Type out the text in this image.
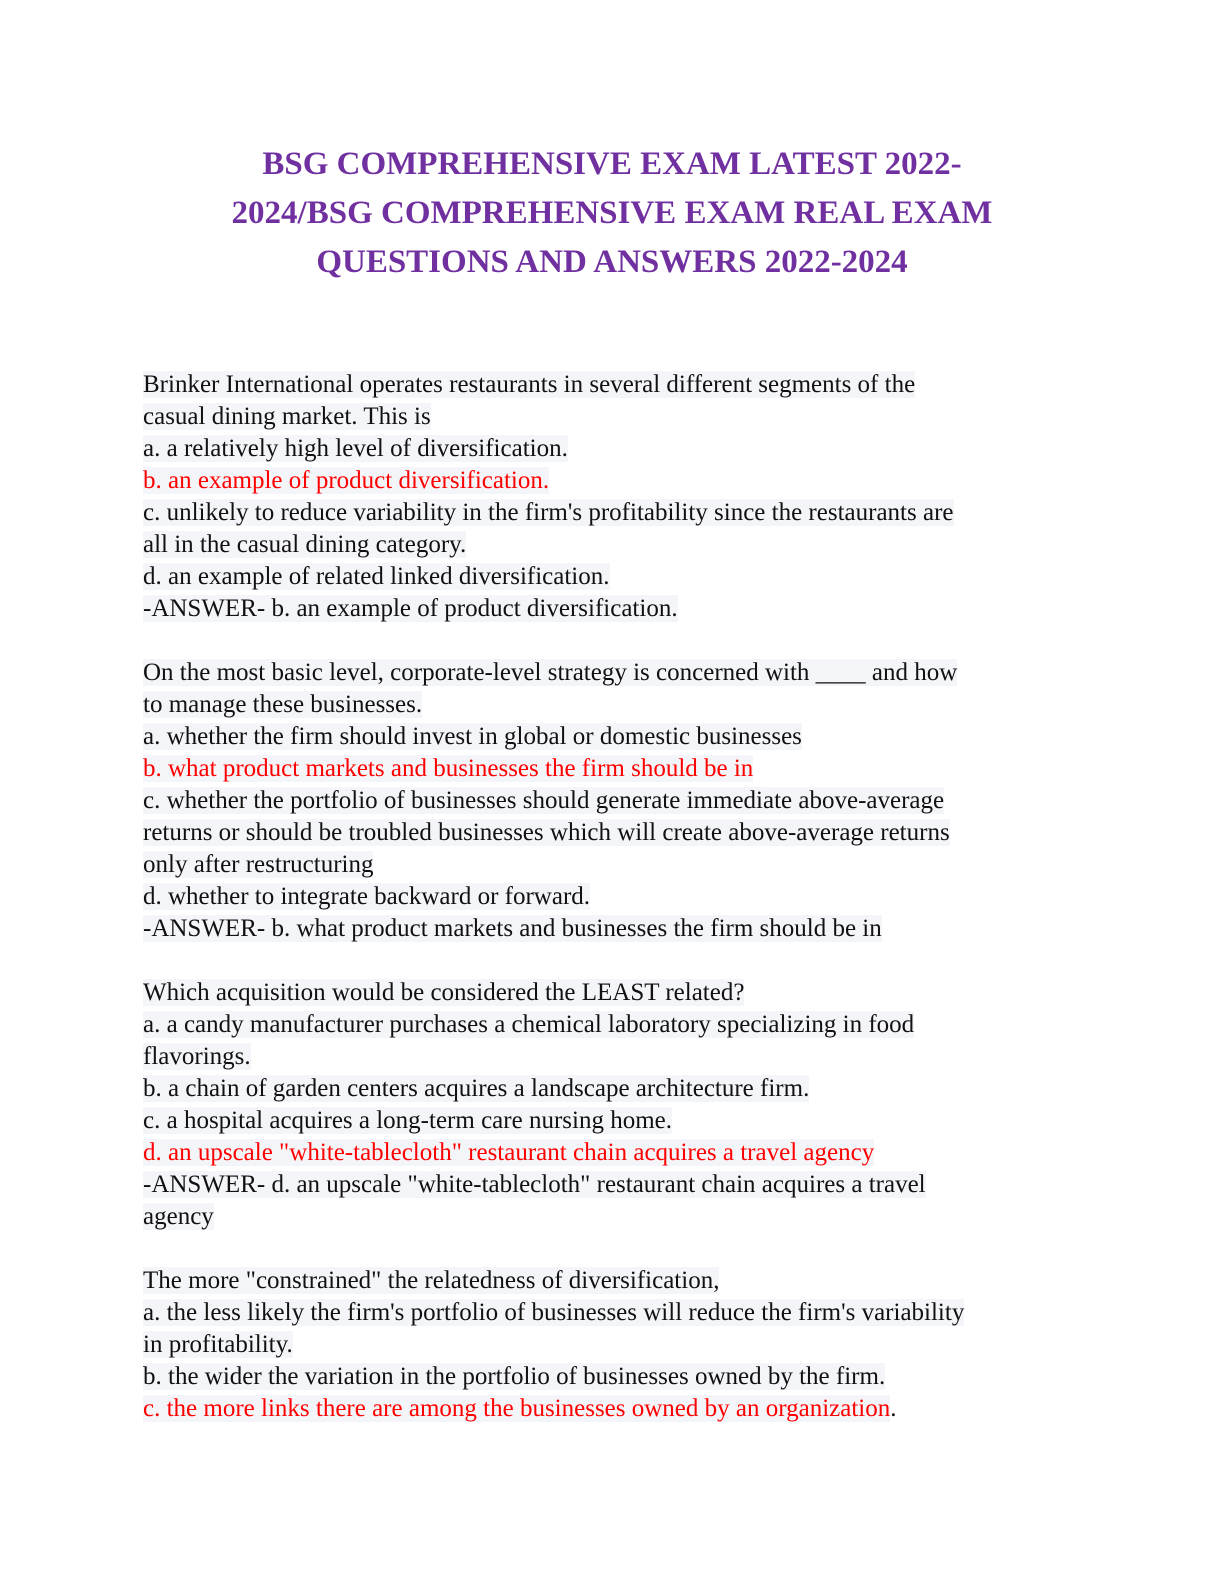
BSG COMPREHENSIVE EXAM LATEST 2022-
2024/BSG COMPREHENSIVE EXAM REAL EXAM
QUESTIONS AND ANSWERS 2022-2024
Brinker International operates restaurants in several different segments of the
casual dining market. This is
a. a relatively high level of diversification.
b. an example of product diversification.
c. unlikely to reduce variability in the firm's profitability since the restaurants are
all in the casual dining category.
d. an example of related linked diversification.
-ANSWER- b. an example of product diversification.
On the most basic level, corporate-level strategy is concerned with ____ and how
to manage these businesses.
a. whether the firm should invest in global or domestic businesses
b. what product markets and businesses the firm should be in
c. whether the portfolio of businesses should generate immediate above-average
returns or should be troubled businesses which will create above-average returns
only after restructuring
d. whether to integrate backward or forward.
-ANSWER- b. what product markets and businesses the firm should be in
Which acquisition would be considered the LEAST related?
a. a candy manufacturer purchases a chemical laboratory specializing in food
flavorings.
b. a chain of garden centers acquires a landscape architecture firm.
c. a hospital acquires a long-term care nursing home.
d. an upscale "white-tablecloth" restaurant chain acquires a travel agency
-ANSWER- d. an upscale "white-tablecloth" restaurant chain acquires a travel
agency
The more "constrained" the relatedness of diversification,
a. the less likely the firm's portfolio of businesses will reduce the firm's variability
in profitability.
b. the wider the variation in the portfolio of businesses owned by the firm.
c. the more links there are among the businesses owned by an organization.
